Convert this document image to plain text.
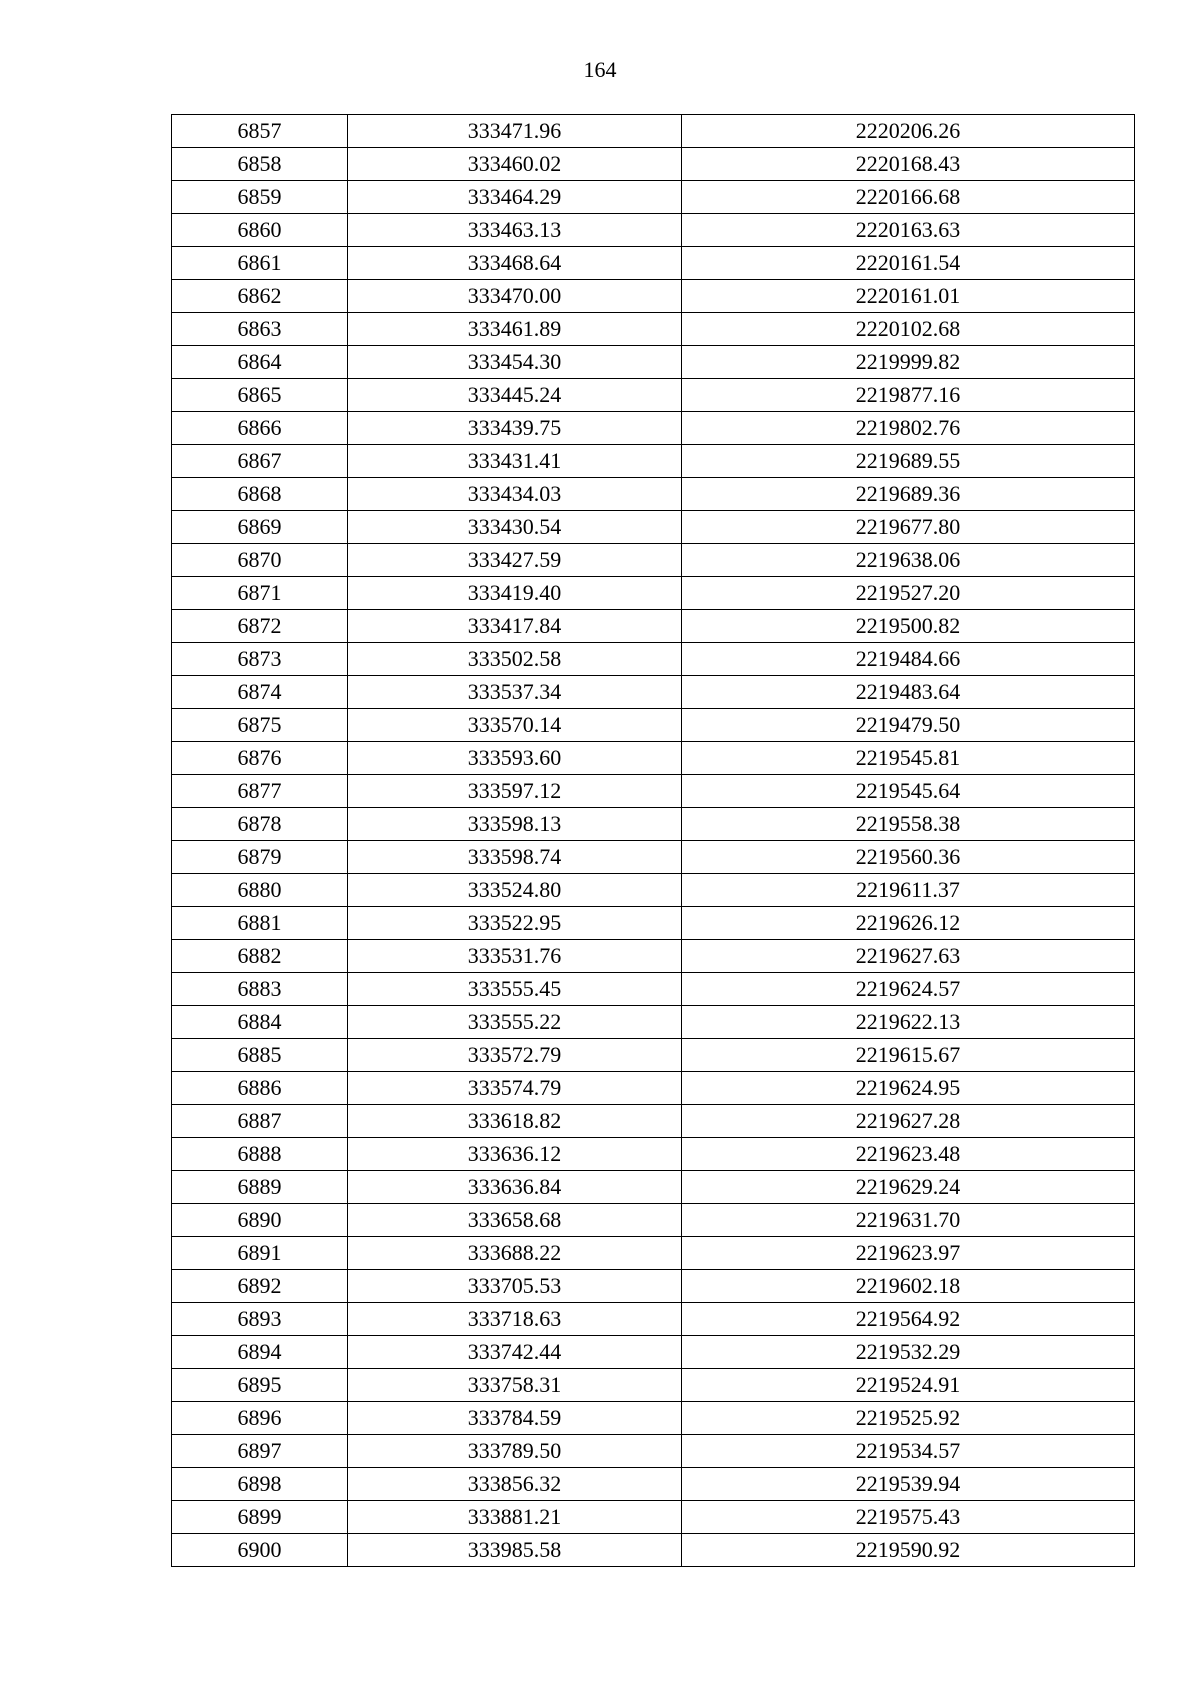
164
6857	333471.96	2220206.26
6858	333460.02	2220168.43
6859	333464.29	2220166.68
6860	333463.13	2220163.63
6861	333468.64	2220161.54
6862	333470.00	2220161.01
6863	333461.89	2220102.68
6864	333454.30	2219999.82
6865	333445.24	2219877.16
6866	333439.75	2219802.76
6867	333431.41	2219689.55
6868	333434.03	2219689.36
6869	333430.54	2219677.80
6870	333427.59	2219638.06
6871	333419.40	2219527.20
6872	333417.84	2219500.82
6873	333502.58	2219484.66
6874	333537.34	2219483.64
6875	333570.14	2219479.50
6876	333593.60	2219545.81
6877	333597.12	2219545.64
6878	333598.13	2219558.38
6879	333598.74	2219560.36
6880	333524.80	2219611.37
6881	333522.95	2219626.12
6882	333531.76	2219627.63
6883	333555.45	2219624.57
6884	333555.22	2219622.13
6885	333572.79	2219615.67
6886	333574.79	2219624.95
6887	333618.82	2219627.28
6888	333636.12	2219623.48
6889	333636.84	2219629.24
6890	333658.68	2219631.70
6891	333688.22	2219623.97
6892	333705.53	2219602.18
6893	333718.63	2219564.92
6894	333742.44	2219532.29
6895	333758.31	2219524.91
6896	333784.59	2219525.92
6897	333789.50	2219534.57
6898	333856.32	2219539.94
6899	333881.21	2219575.43
6900	333985.58	2219590.92
